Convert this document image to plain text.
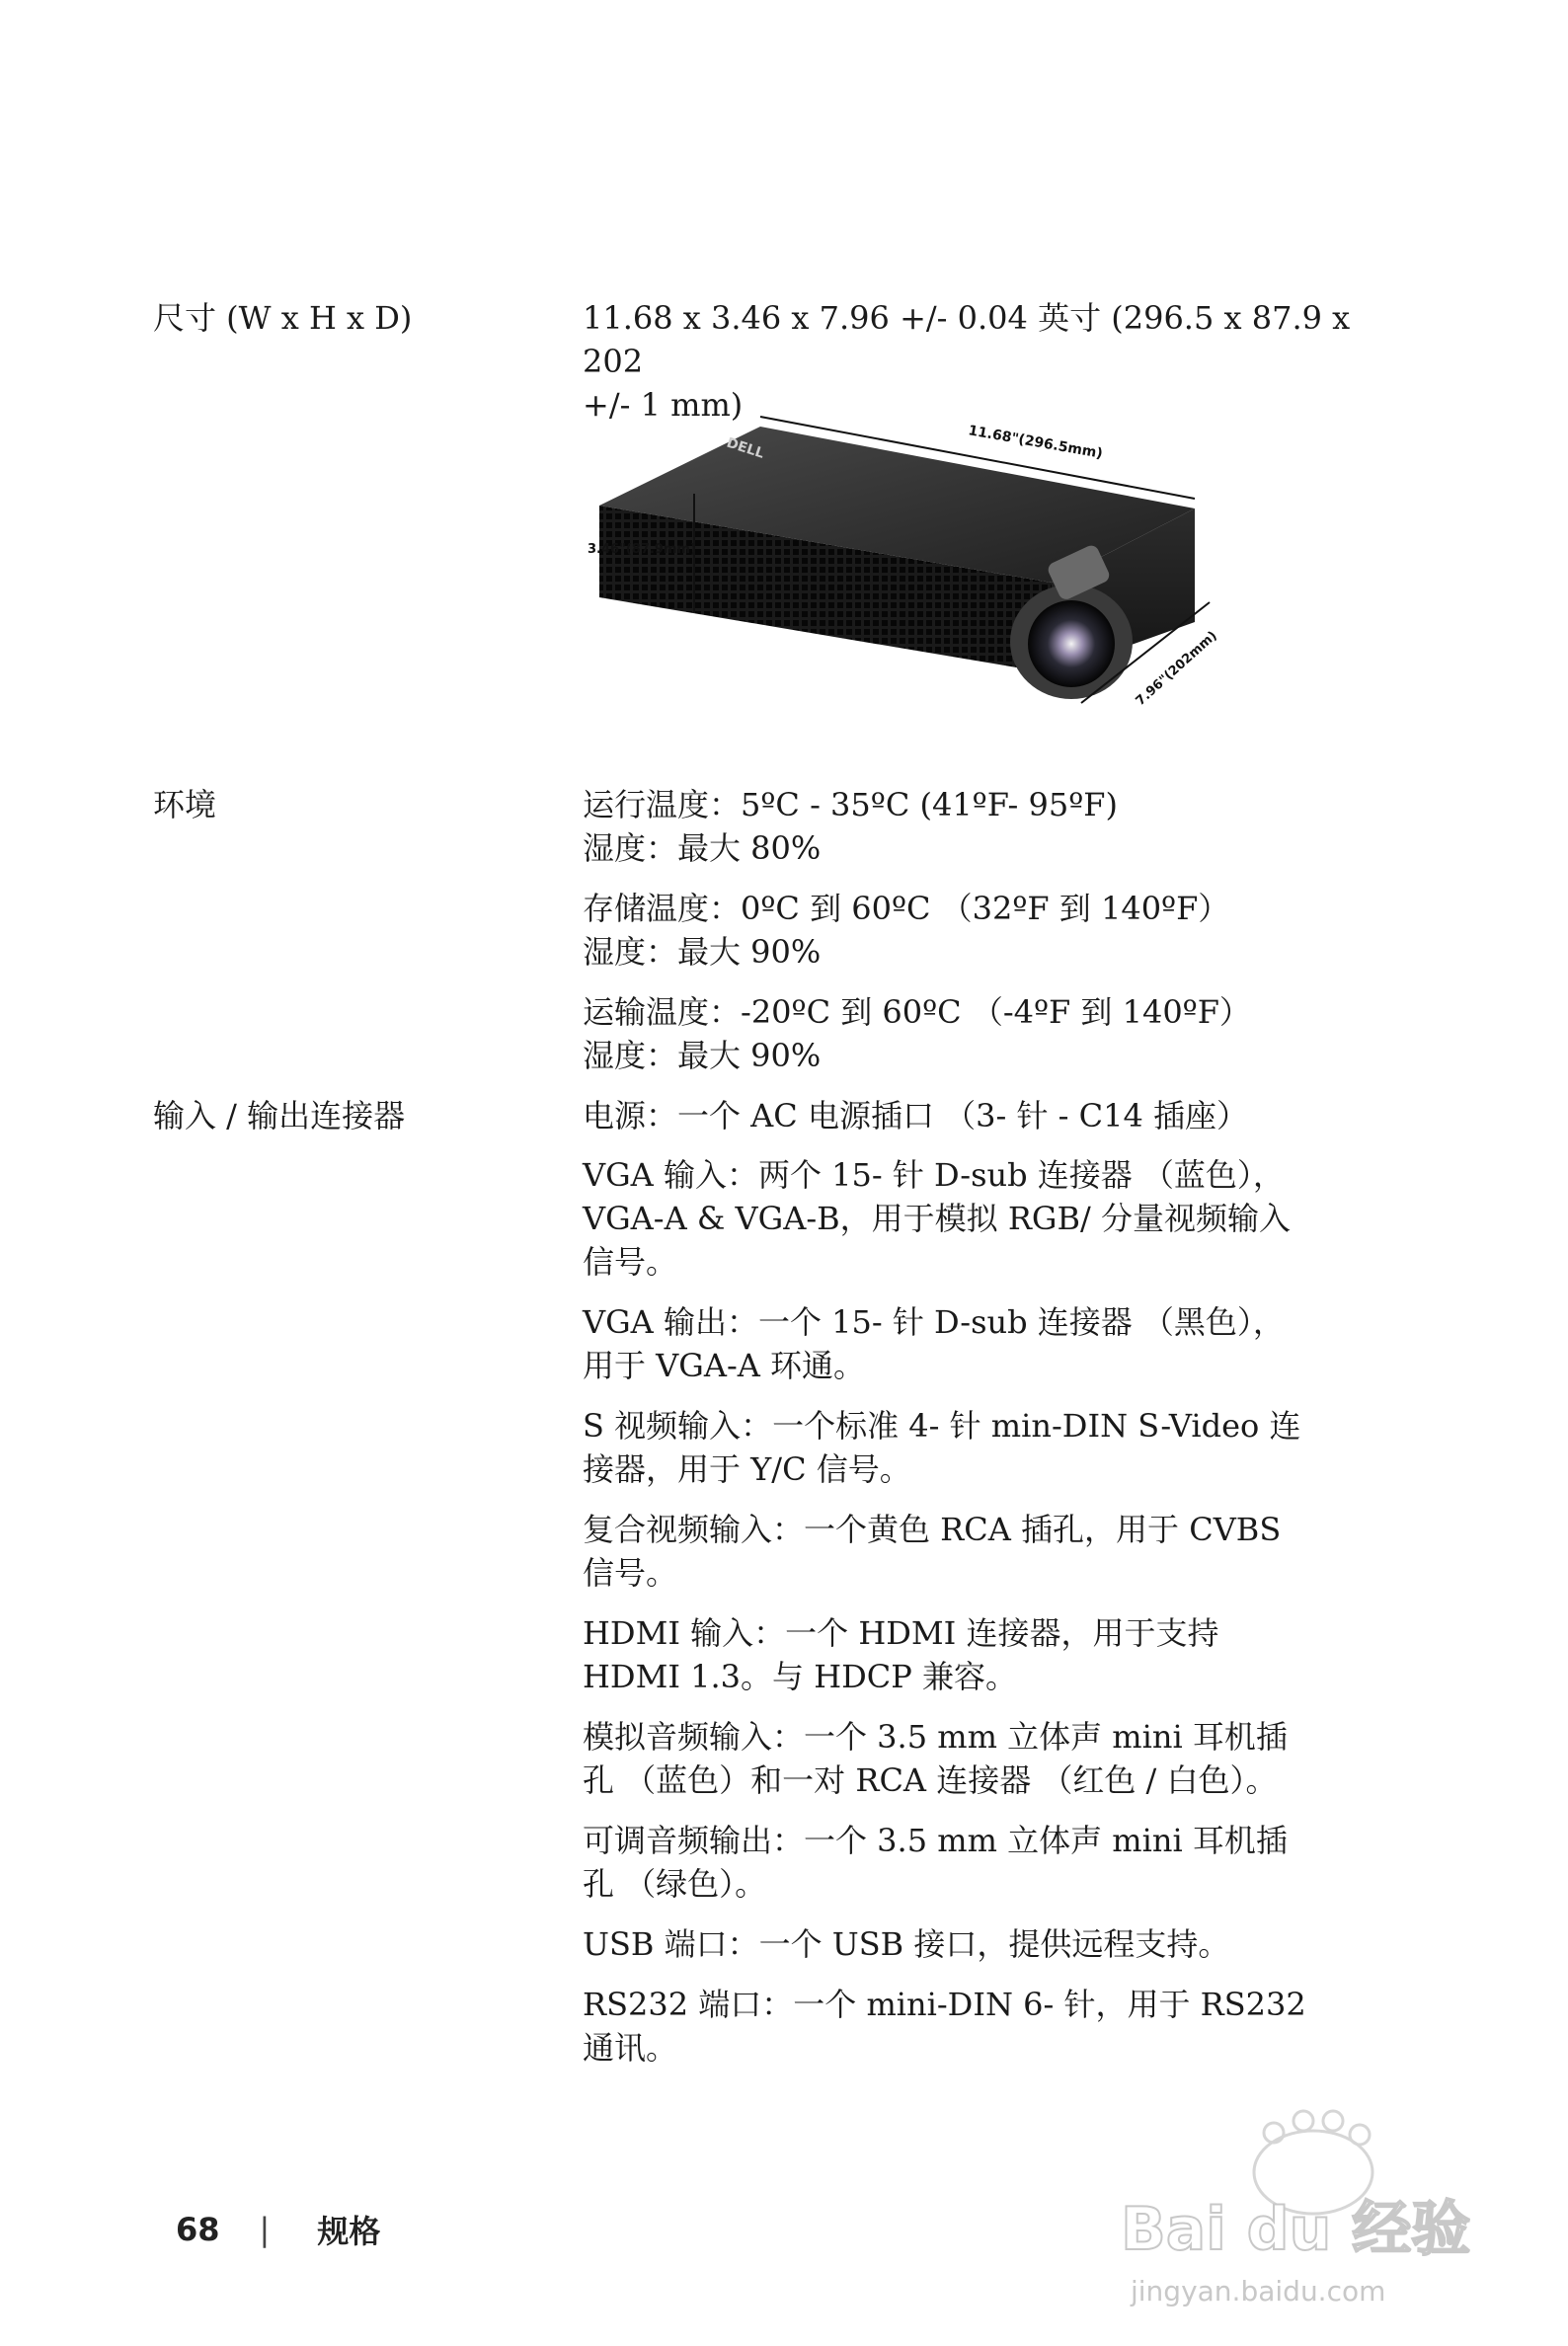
尺寸 (W x H x D)	11.68 x 3.46 x 7.96 +/- 0.04 英寸 (296.5 x 87.9 x 202
+/- 1 mm)
DELL	11.68"(296.5mm)
3.46"(87.9mm)
7.96"(202mm)
环境	运行温度：5ºC - 35ºC (41ºF- 95ºF)
湿度：最大 80%
存储温度：0ºC 到 60ºC （32ºF 到 140ºF）
湿度：最大 90%
运输温度：-20ºC 到 60ºC （-4ºF 到 140ºF）
湿度：最大 90%
输入 / 输出连接器	电源：一个 AC 电源插口 （3- 针 - C14 插座）
VGA 输入：两个 15- 针 D-sub 连接器 （蓝色），
VGA-A & VGA-B，用于模拟 RGB/ 分量视频输入
信号。
VGA 输出：一个 15- 针 D-sub 连接器 （黑色），
用于 VGA-A 环通。
S 视频输入：一个标准 4- 针 min-DIN S-Video 连
接器，用于 Y/C 信号。
复合视频输入：一个黄色 RCA 插孔，用于 CVBS
信号。
HDMI 输入：一个 HDMI 连接器，用于支持
HDMI 1.3。与 HDCP 兼容。
模拟音频输入：一个 3.5 mm 立体声 mini 耳机插
孔 （蓝色）和一对 RCA 连接器 （红色 / 白色）。
可调音频输出：一个 3.5 mm 立体声 mini 耳机插
孔 （绿色）。
USB 端口：一个 USB 接口，提供远程支持。
RS232 端口：一个 mini-DIN 6- 针，用于 RS232
通讯。
68 | 规格	Bai du 经验
jingyan.baidu.com
